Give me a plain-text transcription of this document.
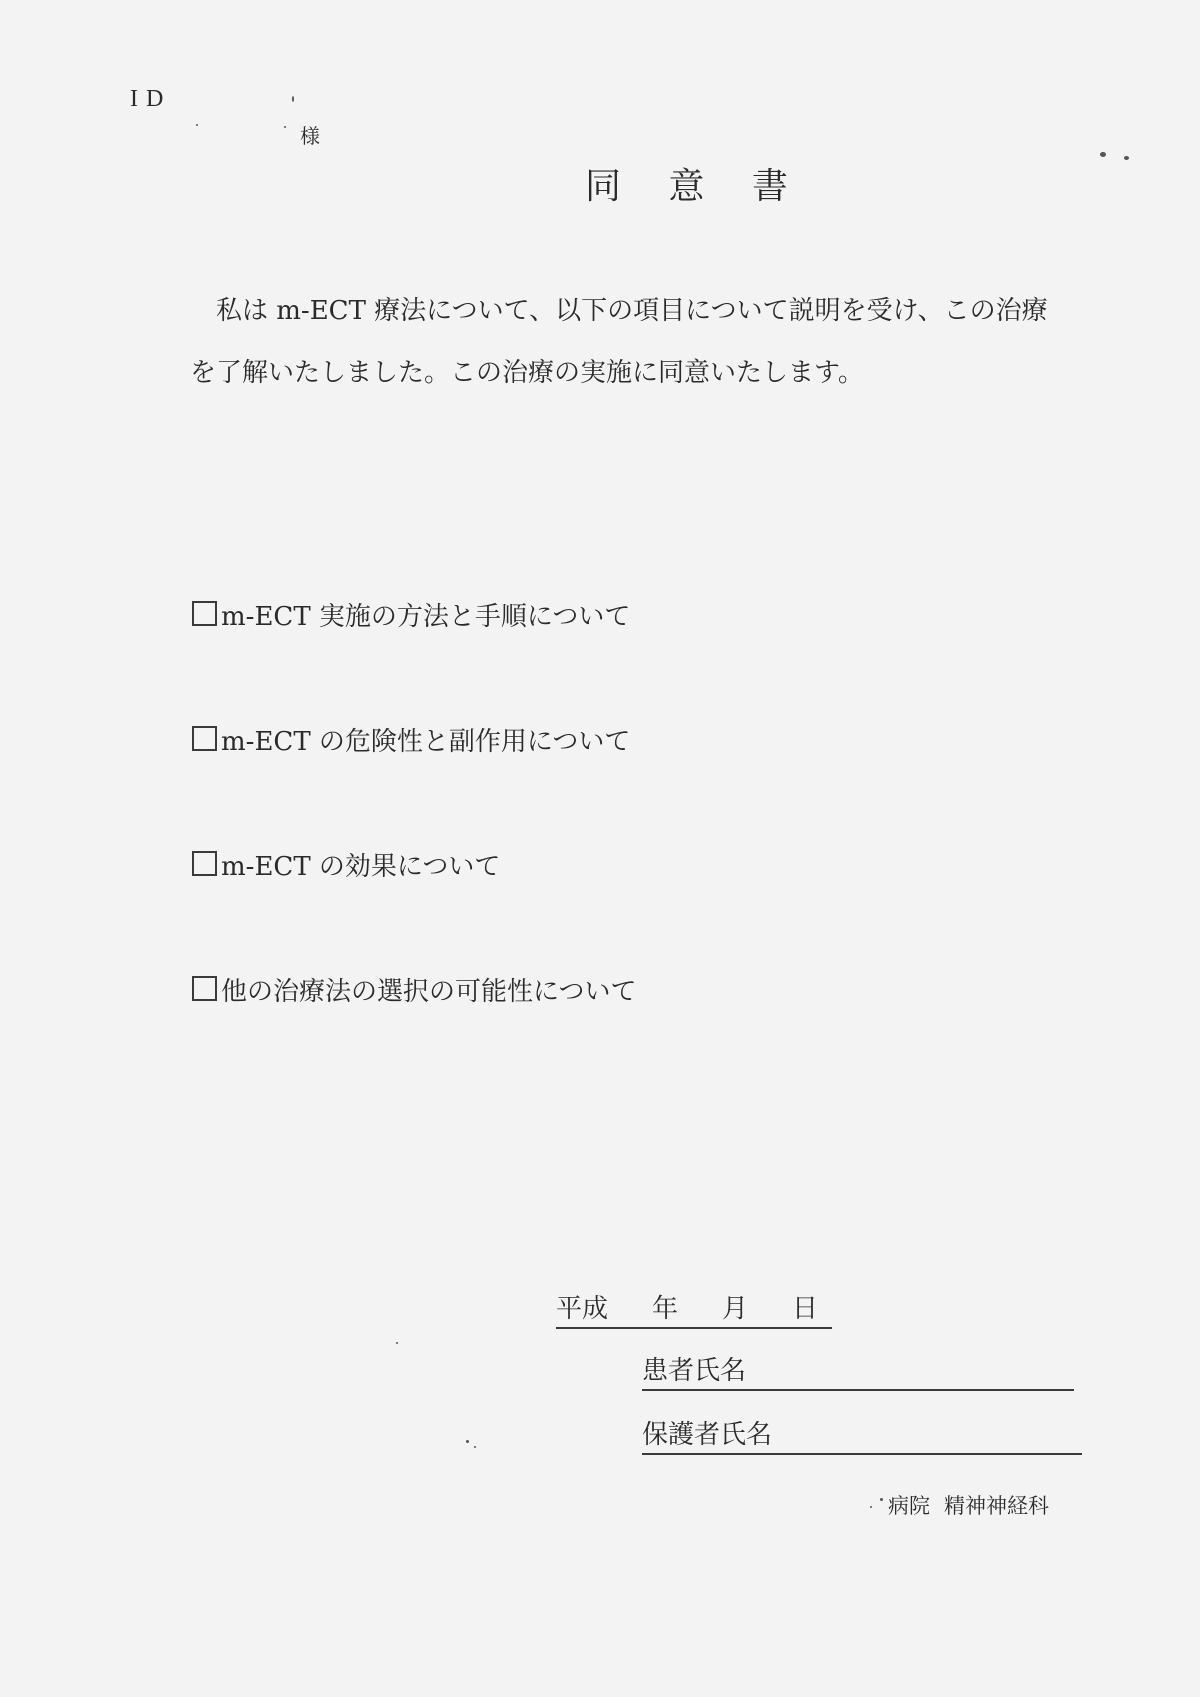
ID
様
同 意 書
私は m-ECT 療法について、以下の項目について説明を受け、この治療
を了解いたしました。この治療の実施に同意いたします。
m-ECT 実施の方法と手順について
m-ECT の危険性と副作用について
m-ECT の効果について
他の治療法の選択の可能性について
平成 年 月 日
患者氏名
保護者氏名
病院 精神神経科
